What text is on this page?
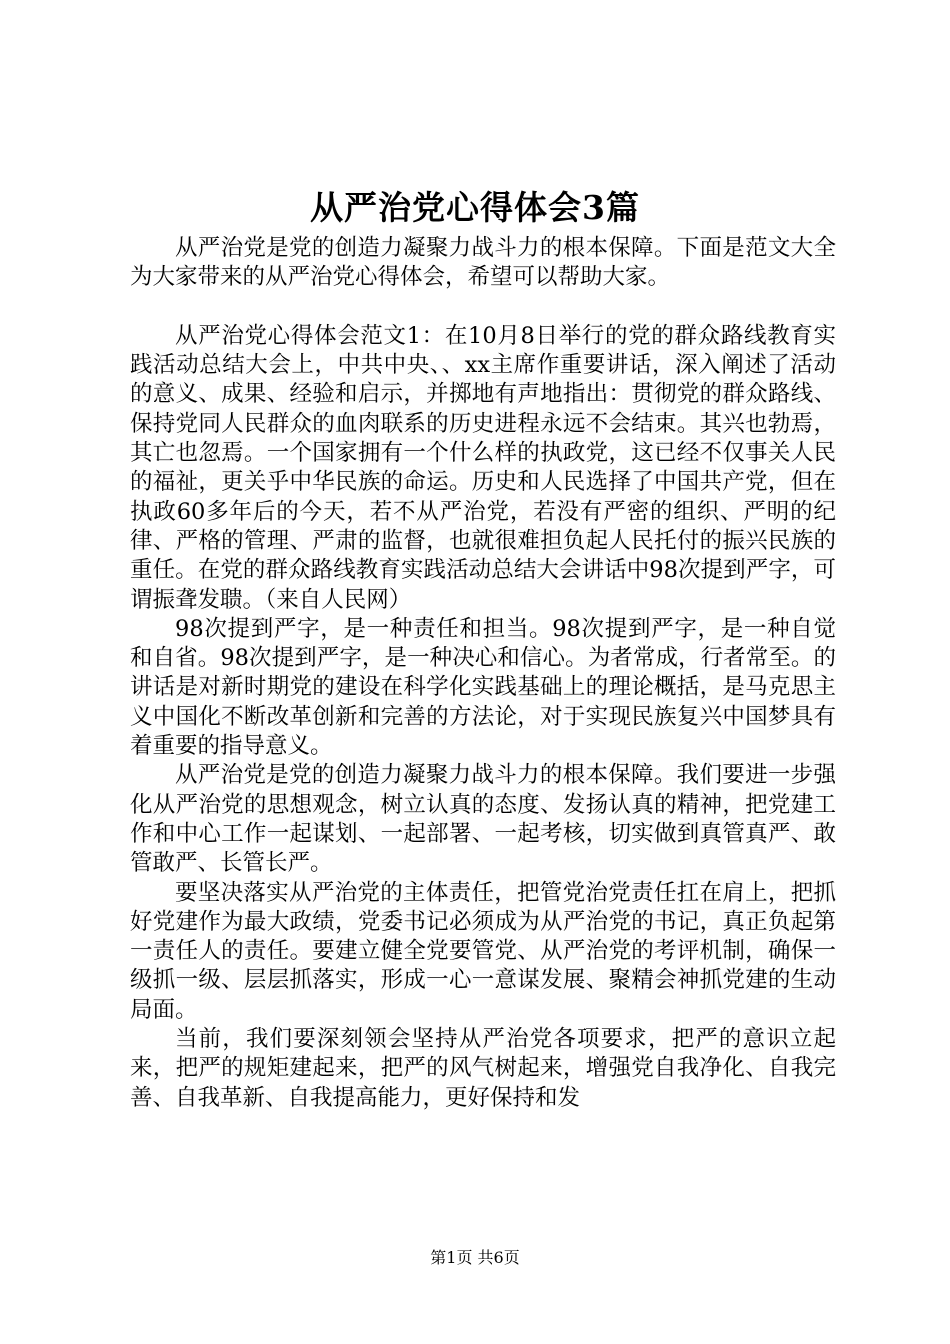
从严治党心得体会3篇

从严治党是党的创造力凝聚力战斗力的根本保障。下面是范文大全为大家带来的从严治党心得体会，希望可以帮助大家。

从严治党心得体会范文1：在10月8日举行的党的群众路线教育实践活动总结大会上，中共中央、、xx主席作重要讲话，深入阐述了活动的意义、成果、经验和启示，并掷地有声地指出：贯彻党的群众路线、保持党同人民群众的血肉联系的历史进程永远不会结束。其兴也勃焉，其亡也忽焉。一个国家拥有一个什么样的执政党，这已经不仅事关人民的福祉，更关乎中华民族的命运。历史和人民选择了中国共产党，但在执政60多年后的今天，若不从严治党，若没有严密的组织、严明的纪律、严格的管理、严肃的监督，也就很难担负起人民托付的振兴民族的重任。在党的群众路线教育实践活动总结大会讲话中98次提到严字，可谓振聋发聩。（来自人民网）

98次提到严字，是一种责任和担当。98次提到严字，是一种自觉和自省。98次提到严字，是一种决心和信心。为者常成，行者常至。的讲话是对新时期党的建设在科学化实践基础上的理论概括，是马克思主义中国化不断改革创新和完善的方法论，对于实现民族复兴中国梦具有着重要的指导意义。

从严治党是党的创造力凝聚力战斗力的根本保障。我们要进一步强化从严治党的思想观念，树立认真的态度、发扬认真的精神，把党建工作和中心工作一起谋划、一起部署、一起考核，切实做到真管真严、敢管敢严、长管长严。

要坚决落实从严治党的主体责任，把管党治党责任扛在肩上，把抓好党建作为最大政绩，党委书记必须成为从严治党的书记，真正负起第一责任人的责任。要建立健全党要管党、从严治党的考评机制，确保一级抓一级、层层抓落实，形成一心一意谋发展、聚精会神抓党建的生动局面。

当前，我们要深刻领会坚持从严治党各项要求，把严的意识立起来，把严的规矩建起来，把严的风气树起来，增强党自我净化、自我完善、自我革新、自我提高能力，更好保持和发

第1页 共6页
